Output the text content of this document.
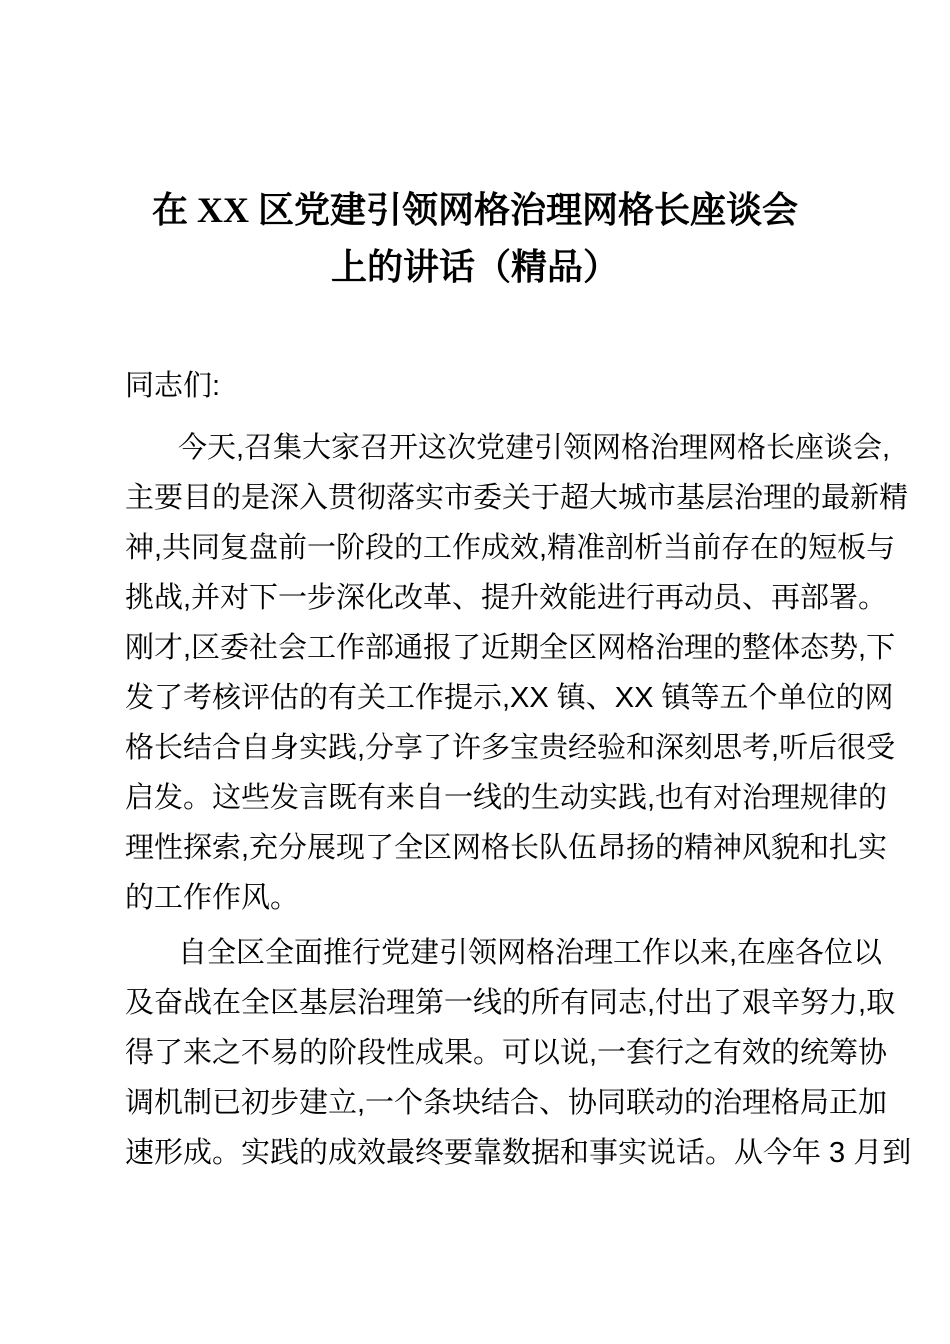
在 XX 区党建引领网格治理网格长座谈会
上的讲话（精品）
同志们:
今天,召集大家召开这次党建引领网格治理网格长座谈会,
主要目的是深入贯彻落实市委关于超大城市基层治理的最新精
神,共同复盘前一阶段的工作成效,精准剖析当前存在的短板与
挑战,并对下一步深化改革、提升效能进行再动员、再部署。
刚才,区委社会工作部通报了近期全区网格治理的整体态势,下
发了考核评估的有关工作提示,XX 镇、XX 镇等五个单位的网
格长结合自身实践,分享了许多宝贵经验和深刻思考,听后很受
启发。这些发言既有来自一线的生动实践,也有对治理规律的
理性探索,充分展现了全区网格长队伍昂扬的精神风貌和扎实
的工作作风。
自全区全面推行党建引领网格治理工作以来,在座各位以
及奋战在全区基层治理第一线的所有同志,付出了艰辛努力,取
得了来之不易的阶段性成果。可以说,一套行之有效的统筹协
调机制已初步建立,一个条块结合、协同联动的治理格局正加
速形成。实践的成效最终要靠数据和事实说话。从今年 3 月到
